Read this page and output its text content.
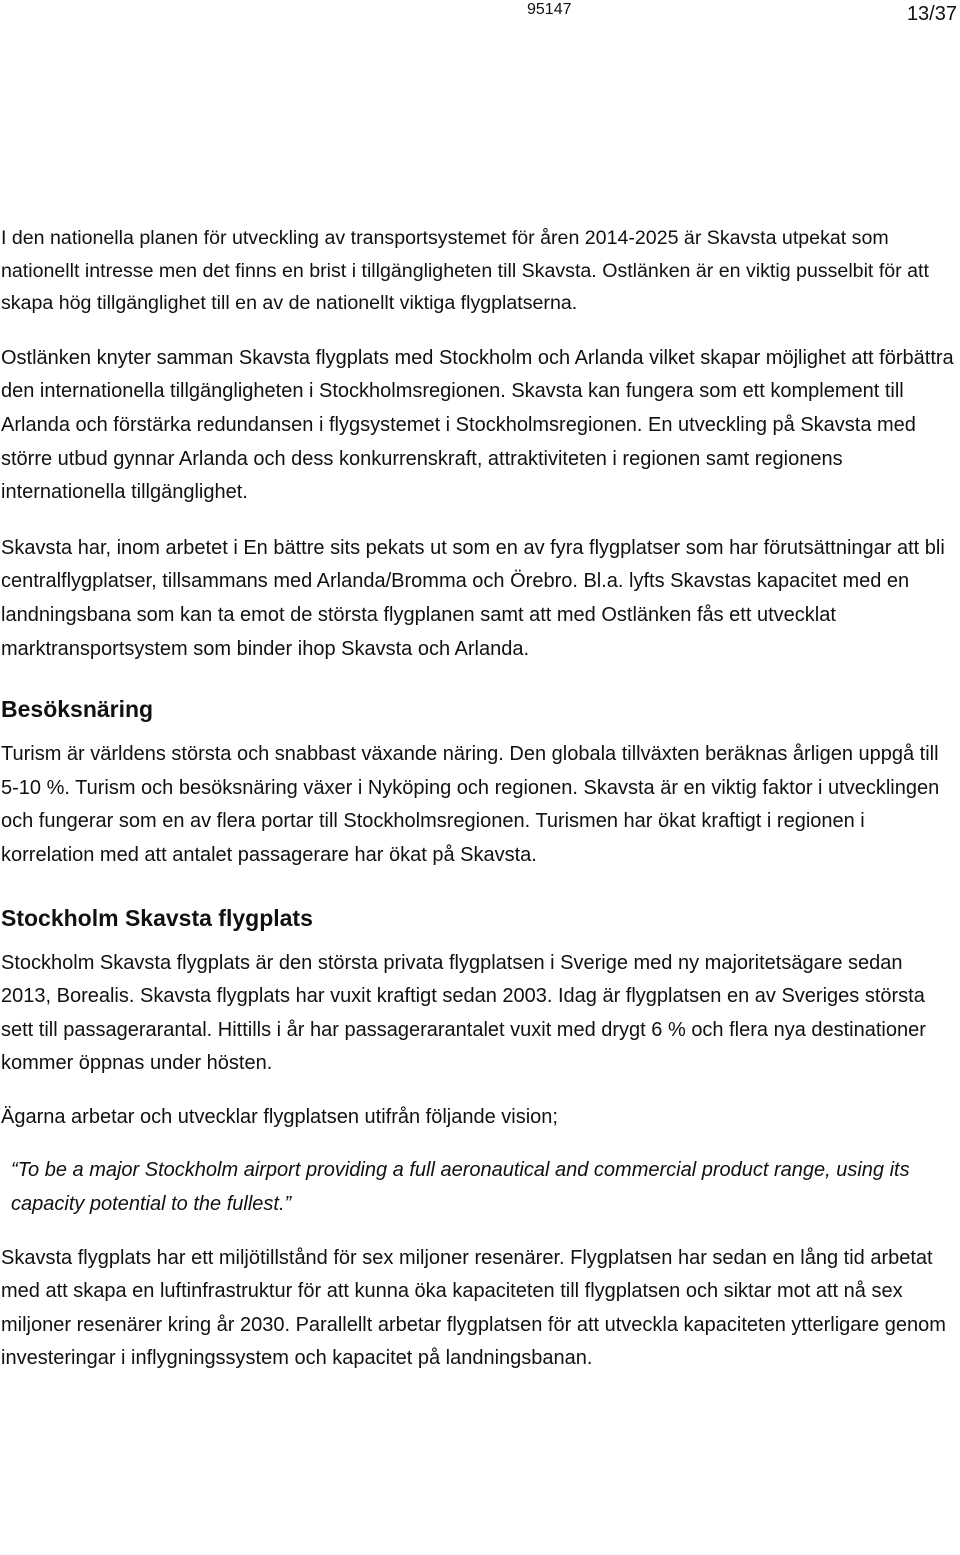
95147	13/37

I den nationella planen för utveckling av transportsystemet för åren 2014-2025 är Skavsta utpekat som nationellt intresse men det finns en brist i tillgängligheten till Skavsta. Ostlänken är en viktig pusselbit för att skapa hög tillgänglighet till en av de nationellt viktiga flygplatserna.

Ostlänken knyter samman Skavsta flygplats med Stockholm och Arlanda vilket skapar möjlighet att förbättra den internationella tillgängligheten i Stockholmsregionen. Skavsta kan fungera som ett komplement till Arlanda och förstärka redundansen i flygsystemet i Stockholmsregionen. En utveckling på Skavsta med större utbud gynnar Arlanda och dess konkurrenskraft, attraktiviteten i regionen samt regionens internationella tillgänglighet.

Skavsta har, inom arbetet i En bättre sits pekats ut som en av fyra flygplatser som har förutsättningar att bli centralflygplatser, tillsammans med Arlanda/Bromma och Örebro. Bl.a. lyfts Skavstas kapacitet med en landningsbana som kan ta emot de största flygplanen samt att med Ostlänken fås ett utvecklat marktransportsystem som binder ihop Skavsta och Arlanda.

Besöksnäring

Turism är världens största och snabbast växande näring. Den globala tillväxten beräknas årligen uppgå till 5-10 %. Turism och besöksnäring växer i Nyköping och regionen. Skavsta är en viktig faktor i utvecklingen och fungerar som en av flera portar till Stockholmsregionen. Turismen har ökat kraftigt i regionen i korrelation med att antalet passagerare har ökat på Skavsta.

Stockholm Skavsta flygplats

Stockholm Skavsta flygplats är den största privata flygplatsen i Sverige med ny majoritetsägare sedan 2013, Borealis. Skavsta flygplats har vuxit kraftigt sedan 2003. Idag är flygplatsen en av Sveriges största sett till passagerarantal. Hittills i år har passagerarantalet vuxit med drygt 6 % och flera nya destinationer kommer öppnas under hösten.

Ägarna arbetar och utvecklar flygplatsen utifrån följande vision;

“To be a major Stockholm airport providing a full aeronautical and commercial product range, using its capacity potential to the fullest.”

Skavsta flygplats har ett miljötillstånd för sex miljoner resenärer. Flygplatsen har sedan en lång tid arbetat med att skapa en luftinfrastruktur för att kunna öka kapaciteten till flygplatsen och siktar mot att nå sex miljoner resenärer kring år 2030. Parallellt arbetar flygplatsen för att utveckla kapaciteten ytterligare genom investeringar i inflygningssystem och kapacitet på landningsbanan.
